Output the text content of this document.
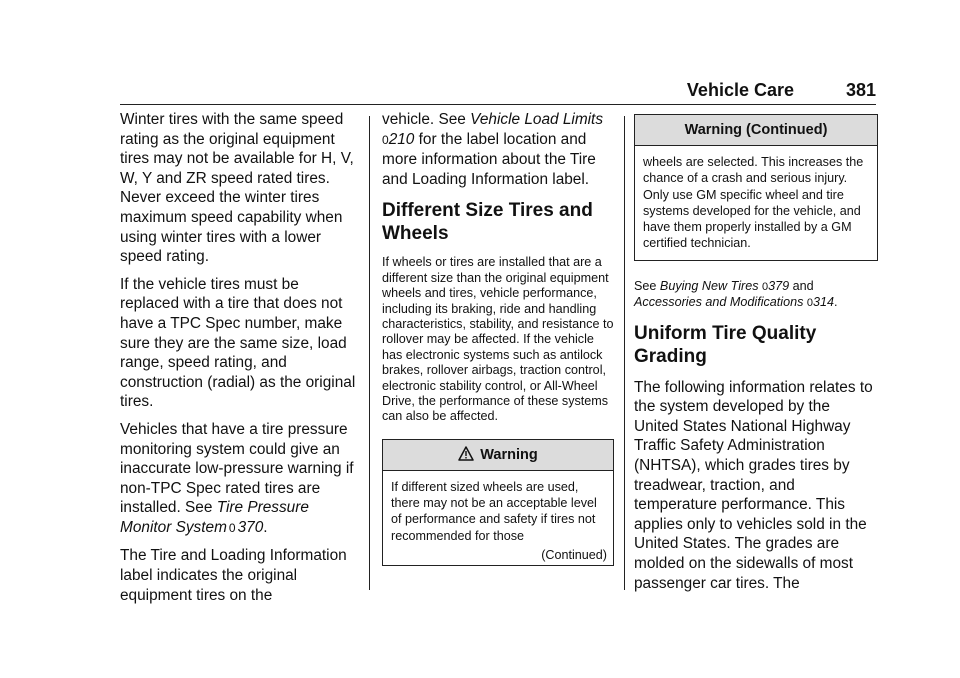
Vehicle Care	381

Winter tires with the same speed rating as the original equipment tires may not be available for H, V, W, Y and ZR speed rated tires. Never exceed the winter tires maximum speed capability when using winter tires with a lower speed rating.

If the vehicle tires must be replaced with a tire that does not have a TPC Spec number, make sure they are the same size, load range, speed rating, and construction (radial) as the original tires.

Vehicles that have a tire pressure monitoring system could give an inaccurate low-pressure warning if non-TPC Spec rated tires are installed. See Tire Pressure Monitor System 0 370.

The Tire and Loading Information label indicates the original equipment tires on the

vehicle. See Vehicle Load Limits 0210 for the label location and more information about the Tire and Loading Information label.

Different Size Tires and Wheels

If wheels or tires are installed that are a different size than the original equipment wheels and tires, vehicle performance, including its braking, ride and handling characteristics, stability, and resistance to rollover may be affected. If the vehicle has electronic systems such as antilock brakes, rollover airbags, traction control, electronic stability control, or All-Wheel Drive, the performance of these systems can also be affected.

Warning
If different sized wheels are used, there may not be an acceptable level of performance and safety if tires not recommended for those
(Continued)
Warning (Continued)
wheels are selected. This increases the chance of a crash and serious injury. Only use GM specific wheel and tire systems developed for the vehicle, and have them properly installed by a GM certified technician.

See Buying New Tires 0379 and Accessories and Modifications 0314.

Uniform Tire Quality Grading

The following information relates to the system developed by the United States National Highway Traffic Safety Administration (NHTSA), which grades tires by treadwear, traction, and temperature performance. This applies only to vehicles sold in the United States. The grades are molded on the sidewalls of most passenger car tires. The
